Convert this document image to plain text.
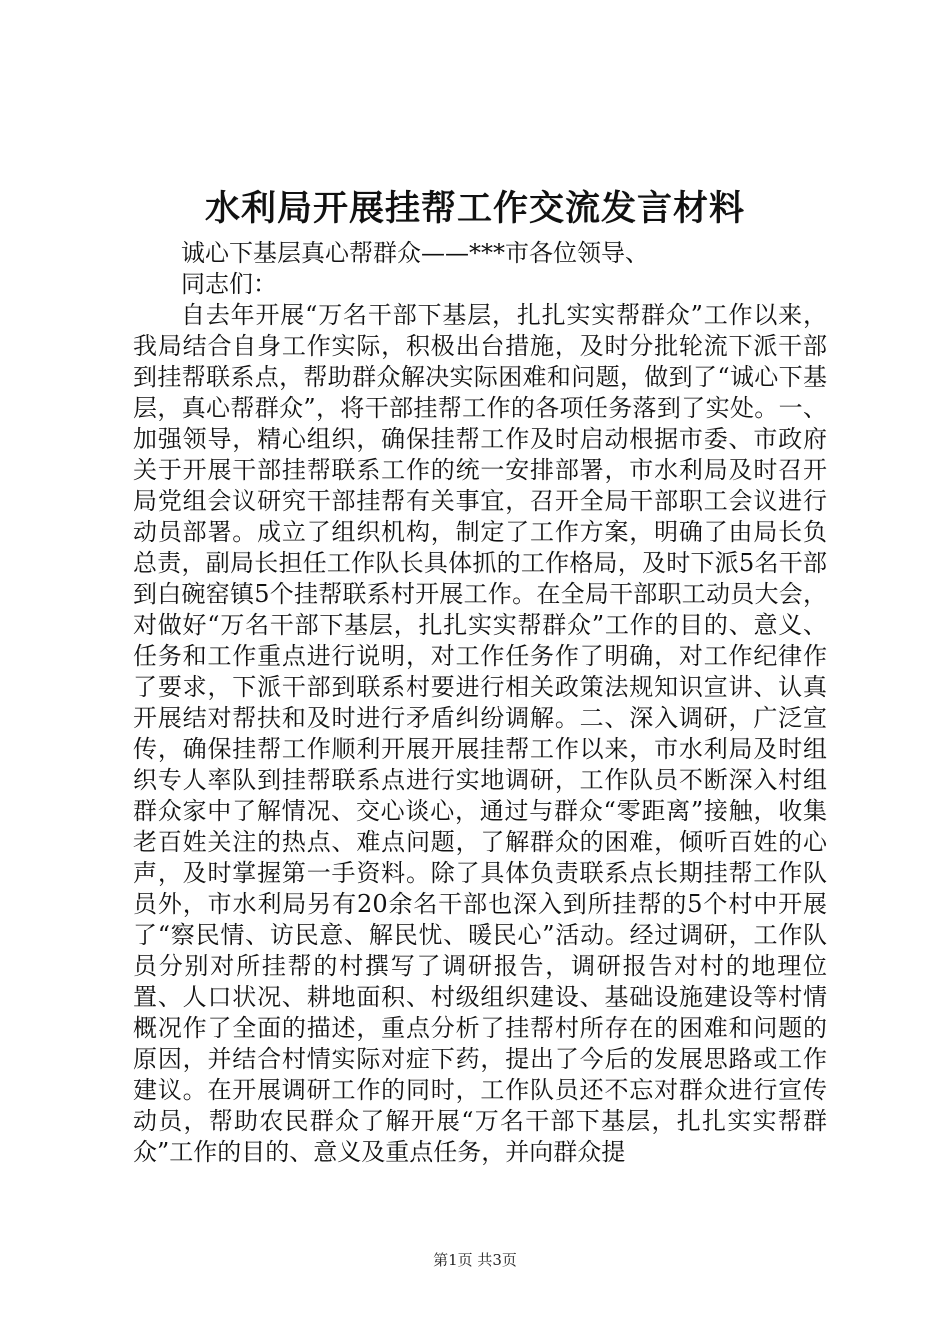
水利局开展挂帮工作交流发言材料

诚心下基层真心帮群众——***市各位领导、

同志们：

自去年开展“万名干部下基层，扎扎实实帮群众”工作以来，我局结合自身工作实际，积极出台措施，及时分批轮流下派干部到挂帮联系点，帮助群众解决实际困难和问题，做到了“诚心下基层，真心帮群众”，将干部挂帮工作的各项任务落到了实处。一、加强领导，精心组织，确保挂帮工作及时启动根据市委、市政府关于开展干部挂帮联系工作的统一安排部署，市水利局及时召开局党组会议研究干部挂帮有关事宜，召开全局干部职工会议进行动员部署。成立了组织机构，制定了工作方案，明确了由局长负总责，副局长担任工作队长具体抓的工作格局，及时下派5名干部到白碗窑镇5个挂帮联系村开展工作。在全局干部职工动员大会，对做好“万名干部下基层，扎扎实实帮群众”工作的目的、意义、任务和工作重点进行说明，对工作任务作了明确，对工作纪律作了要求，下派干部到联系村要进行相关政策法规知识宣讲、认真开展结对帮扶和及时进行矛盾纠纷调解。二、深入调研，广泛宣传，确保挂帮工作顺利开展开展挂帮工作以来，市水利局及时组织专人率队到挂帮联系点进行实地调研，工作队员不断深入村组群众家中了解情况、交心谈心，通过与群众“零距离”接触，收集老百姓关注的热点、难点问题，了解群众的困难，倾听百姓的心声，及时掌握第一手资料。除了具体负责联系点长期挂帮工作队员外，市水利局另有20余名干部也深入到所挂帮的5个村中开展了“察民情、访民意、解民忧、暖民心”活动。经过调研，工作队员分别对所挂帮的村撰写了调研报告，调研报告对村的地理位置、人口状况、耕地面积、村级组织建设、基础设施建设等村情概况作了全面的描述，重点分析了挂帮村所存在的困难和问题的原因，并结合村情实际对症下药，提出了今后的发展思路或工作建议。在开展调研工作的同时，工作队员还不忘对群众进行宣传动员，帮助农民群众了解开展“万名干部下基层，扎扎实实帮群众”工作的目的、意义及重点任务，并向群众提

第1页 共3页
